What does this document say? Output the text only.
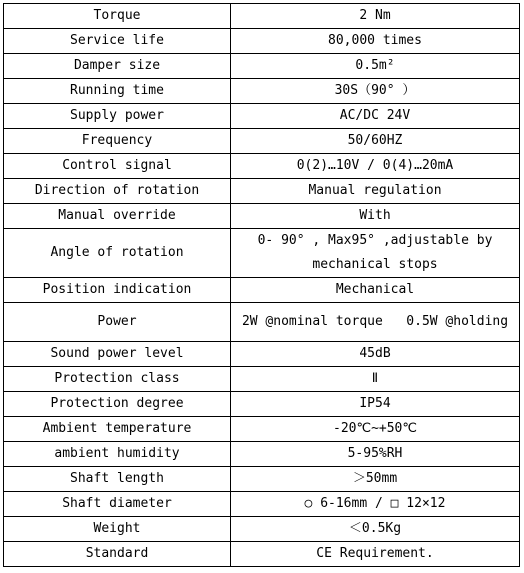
Torque	2 Nm
Service life	80,000 times
Damper size	0.5m²
Running time	30S（90° ）
Supply power	AC/DC 24V
Frequency	50/60HZ
Control signal	0(2)…10V / 0(4)…20mA
Direction of rotation	Manual regulation
Manual override	With
Angle of rotation	0- 90° , Max95° ,adjustable by mechanical stops
Position indication	Mechanical
Power	2W @nominal torque   0.5W @holding
Sound power level	45dB
Protection class	Ⅱ
Protection degree	IP54
Ambient temperature	-20℃~+50℃
ambient humidity	5-95%RH
Shaft length	＞50mm
Shaft diameter	○ 6-16mm / □ 12×12
Weight	＜0.5Kg
Standard	CE Requirement.
